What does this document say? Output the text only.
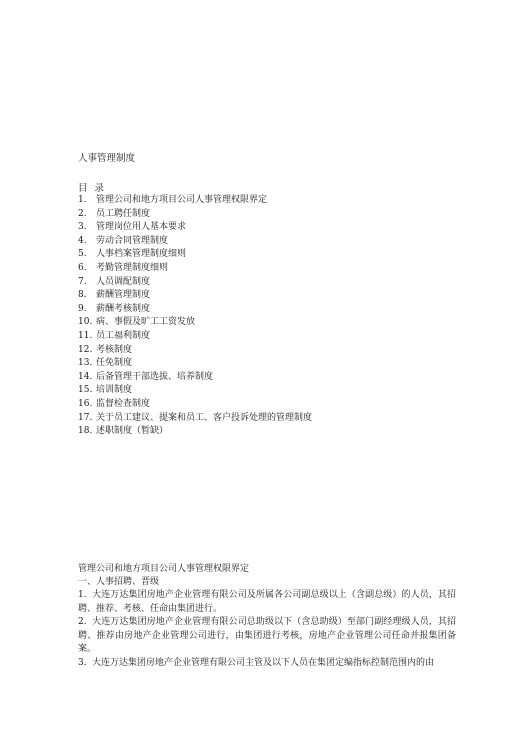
人事管理制度
目 录
1. 管理公司和地方项目公司人事管理权限界定
2. 员工聘任制度
3. 管理岗位用人基本要求
4. 劳动合同管理制度
5. 人事档案管理制度细则
6. 考勤管理制度细则
7. 人员调配制度
8. 薪酬管理制度
9. 薪酬考核制度
10. 病、事假及旷工工资发放
11. 员工福利制度
12. 考核制度
13. 任免制度
14. 后备管理干部选拔、培养制度
15. 培训制度
16. 监督检查制度
17. 关于员工建议、提案和员工、客户投诉处理的管理制度
18. 述职制度（暂缺）
管理公司和地方项目公司人事管理权限界定
一、人事招聘、晋级

1. 大连万达集团房地产企业管理有限公司及所属各公司副总级以上（含副总级）的人员，其招聘、推荐、考核、任命由集团进行。

2. 大连万达集团房地产企业管理有限公司总助级以下（含总助级）至部门副经理级人员，其招聘、推荐由房地产企业管理公司进行，由集团进行考核，房地产企业管理公司任命并报集团备案。

3. 大连万达集团房地产企业管理有限公司主管及以下人员在集团定编指标控制范围内的由
